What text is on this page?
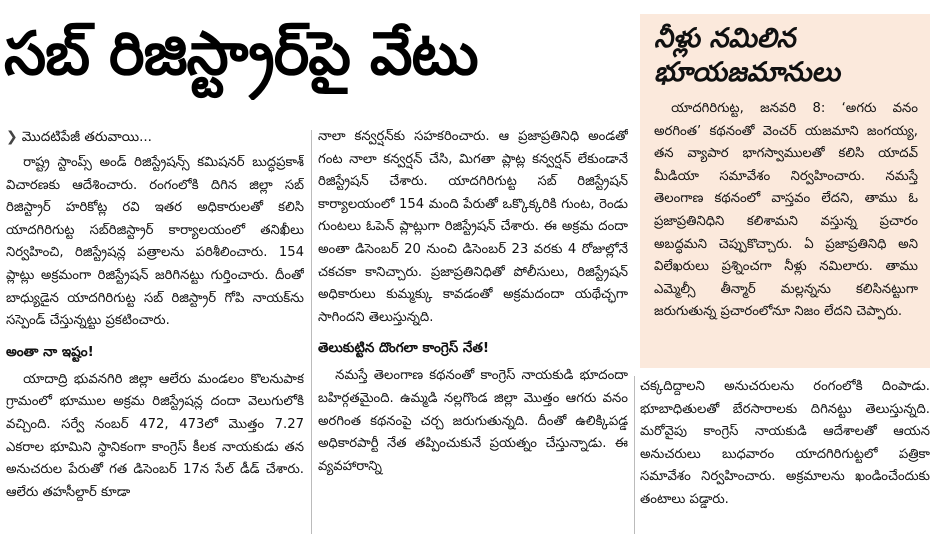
సబ్ రిజిస్ట్రార్‌పై వేటు
❯ మొదటిపేజీ తరువాయి...

రాష్ట్ర స్టాంప్స్ అండ్ రిజిస్ట్రేషన్స్ కమిషనర్ బుద్ధప్రకాశ్ విచారణకు ఆదేశించారు. రంగంలోకి దిగిన జిల్లా సబ్ రిజిస్ట్రార్ హరికోట్ల రవి ఇతర అధికారులతో కలిసి యాదగిరిగుట్ట సబ్‌రిజిస్ట్రార్ కార్యాలయంలో తనిఖీలు నిర్వహించి, రిజిస్ట్రేషన్ల పత్రాలను పరిశీలించారు. 154 ప్లాట్లు అక్రమంగా రిజిస్ట్రేషన్ జరిగినట్టు గుర్తించారు. దీంతో బాధ్యుడైన యాదగిరిగుట్ట సబ్ రిజిస్ట్రార్ గోపి నాయక్‌ను సస్పెండ్ చేస్తున్నట్టు ప్రకటించారు.

అంతా నా ఇష్టం!

యాదాద్రి భువనగిరి జిల్లా ఆలేరు మండలం కొలనుపాక గ్రామంలో భూముల అక్రమ రిజిస్ట్రేషన్ల దందా వెలుగులోకి వచ్చింది. సర్వే నంబర్ 472, 473లో మొత్తం 7.27 ఎకరాల భూమిని స్థానికంగా కాంగ్రెస్ కీలక నాయకుడు తన అనుచరుల పేరుతో గత డిసెంబర్ 17న సేల్ డీడ్ చేశారు. ఆలేరు తహసీల్దార్ కూడా

నాలా కన్వర్షన్‌కు సహకరించారు. ఆ ప్రజాప్రతినిధి అండతో గంట నాలా కన్వర్షన్ చేసి, మిగతా ప్లాట్ల కన్వర్షన్ లేకుండానే రిజిస్ట్రేషన్ చేశారు. యాదగిరిగుట్ట సబ్ రిజిస్ట్రేషన్ కార్యాలయంలో 154 మంది పేరుతో ఒక్కొక్కరికి గుంట, రెండు గుంటలు ఓపెన్ ప్లాట్లుగా రిజిస్ట్రేషన్ చేశారు. ఈ అక్రమ దందా అంతా డిసెంబర్ 20 నుంచి డిసెంబర్ 23 వరకు 4 రోజుల్లోనే చకచకా కానిచ్చారు. ప్రజాప్రతినిధితో పోలీసులు, రిజిస్ట్రేషన్ అధికారులు కుమ్మక్కు కావడంతో అక్రమదందా యథేచ్ఛగా సాగిందని తెలుస్తున్నది.

తెలుకుట్టిన దొంగలా కాంగ్రెస్ నేత!

నమస్తే తెలంగాణ కథనంతో కాంగ్రెస్ నాయకుడి భూదందా బహిర్గతమైంది. ఉమ్మడి నల్లగొండ జిల్లా మొత్తం ఆగరు వనం అరగింత కథనంపై చర్చ జరుగుతున్నది. దీంతో ఉలిక్కిపడ్డ అధికారపార్టీ నేత తప్పించుకునే ప్రయత్నం చేస్తున్నాడు. ఈ వ్యవహారాన్ని

నీళ్లు నమిలిన
భూయజమానులు

యాదగిరిగుట్ట, జనవరి 8: ‘అగరు వనం అరగింత’ కథనంతో వెంచర్ యజమాని జంగయ్య, తన వ్యాపార భాగస్వాములతో కలిసి యాదవ్ మీడియా సమావేశం నిర్వహించారు. నమస్తే తెలంగాణ కథనంలో వాస్తవం లేదని, తాము ఓ ప్రజాప్రతినిధిని కలిశామని వస్తున్న ప్రచారం అబద్ధమని చెప్పుకొచ్చారు. ఏ ప్రజాప్రతినిధి అని విలేఖరులు ప్రశ్నించగా నీళ్లు నమిలారు. తాము ఎమ్మెల్సీ తీన్మార్ మల్లన్నను కలిసినట్టుగా జరుగుతున్న ప్రచారంలోనూ నిజం లేదని చెప్పారు.

చక్కదిద్దాలని అనుచరులను రంగంలోకి దింపాడు. భూబాధితులతో బేరసారాలకు దిగినట్టు తెలుస్తున్నది. మరోవైపు కాంగ్రెస్ నాయకుడి ఆదేశాలతో ఆయన అనుచరులు బుధవారం యాదగిరిగుట్టలో పత్రికా సమావేశం నిర్వహించారు. అక్రమాలను ఖండించేందుకు తంటాలు పడ్డారు.
